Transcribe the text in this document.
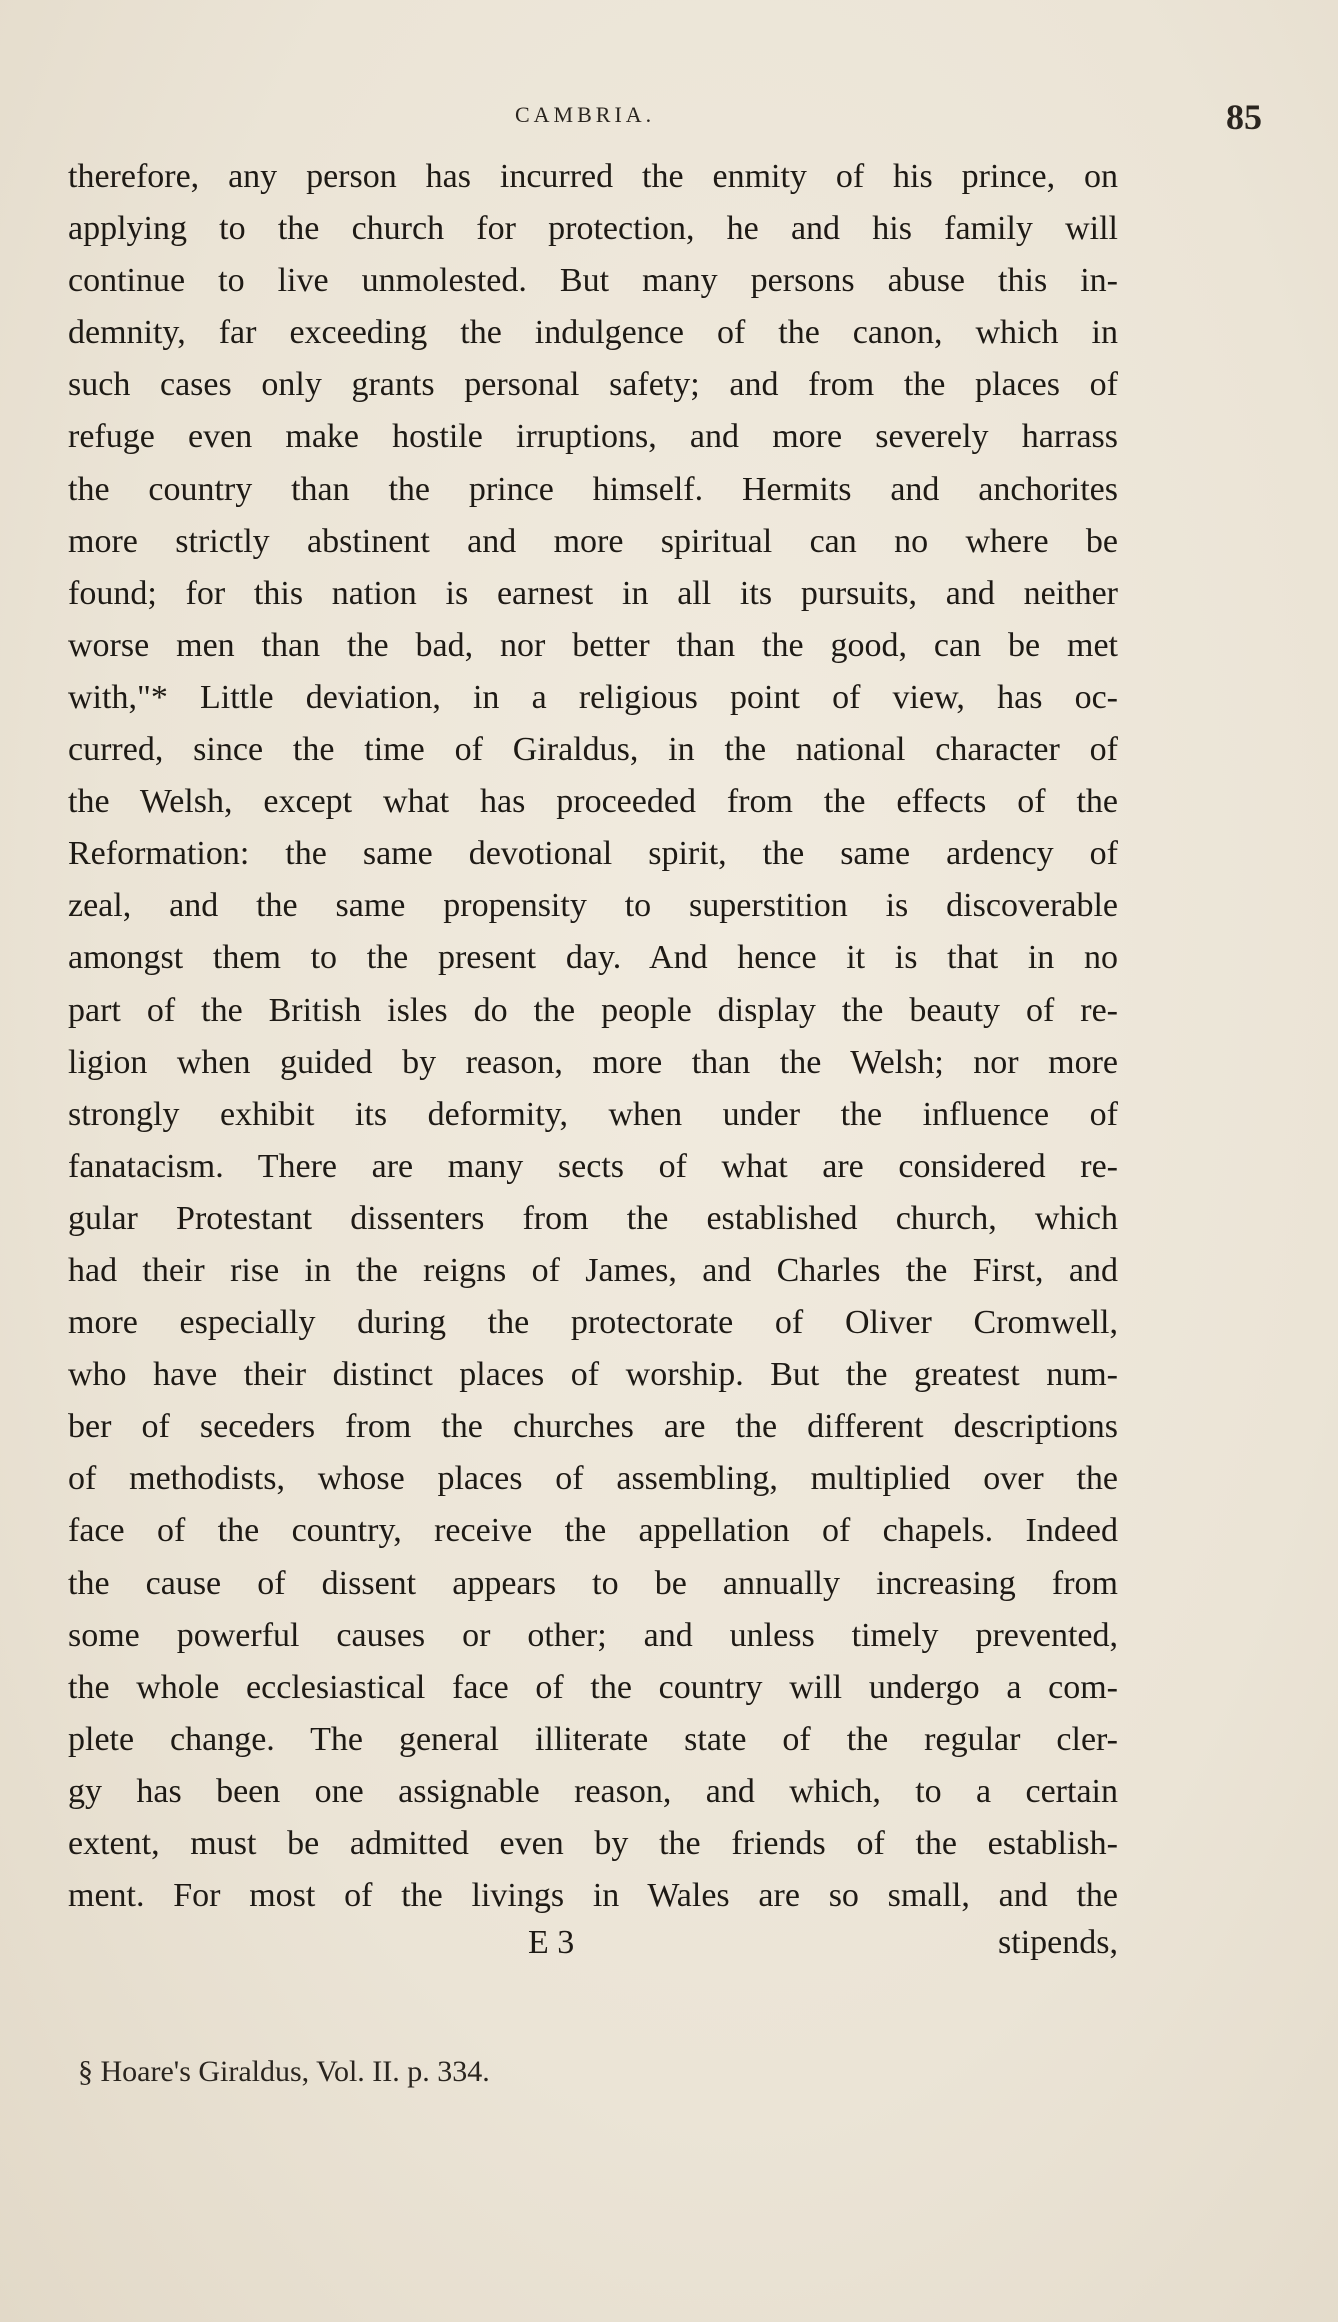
CAMBRIA.	85
therefore, any person has incurred the enmity of his prince, on
applying to the church for protection, he and his family will
continue to live unmolested. But many persons abuse this in-
demnity, far exceeding the indulgence of the canon, which in
such cases only grants personal safety; and from the places of
refuge even make hostile irruptions, and more severely harrass
the country than the prince himself. Hermits and anchorites
more strictly abstinent and more spiritual can no where be
found; for this nation is earnest in all its pursuits, and neither
worse men than the bad, nor better than the good, can be met
with,"* Little deviation, in a religious point of view, has oc-
curred, since the time of Giraldus, in the national character of
the Welsh, except what has proceeded from the effects of the
Reformation: the same devotional spirit, the same ardency of
zeal, and the same propensity to superstition is discoverable
amongst them to the present day. And hence it is that in no
part of the British isles do the people display the beauty of re-
ligion when guided by reason, more than the Welsh; nor more
strongly exhibit its deformity, when under the influence of
fanatacism. There are many sects of what are considered re-
gular Protestant dissenters from the established church, which
had their rise in the reigns of James, and Charles the First, and
more especially during the protectorate of Oliver Cromwell,
who have their distinct places of worship. But the greatest num-
ber of seceders from the churches are the different descriptions
of methodists, whose places of assembling, multiplied over the
face of the country, receive the appellation of chapels. Indeed
the cause of dissent appears to be annually increasing from
some powerful causes or other; and unless timely prevented,
the whole ecclesiastical face of the country will undergo a com-
plete change. The general illiterate state of the regular cler-
gy has been one assignable reason, and which, to a certain
extent, must be admitted even by the friends of the establish-
ment. For most of the livings in Wales are so small, and the
E 3	stipends,
§ Hoare's Giraldus, Vol. II. p. 334.
